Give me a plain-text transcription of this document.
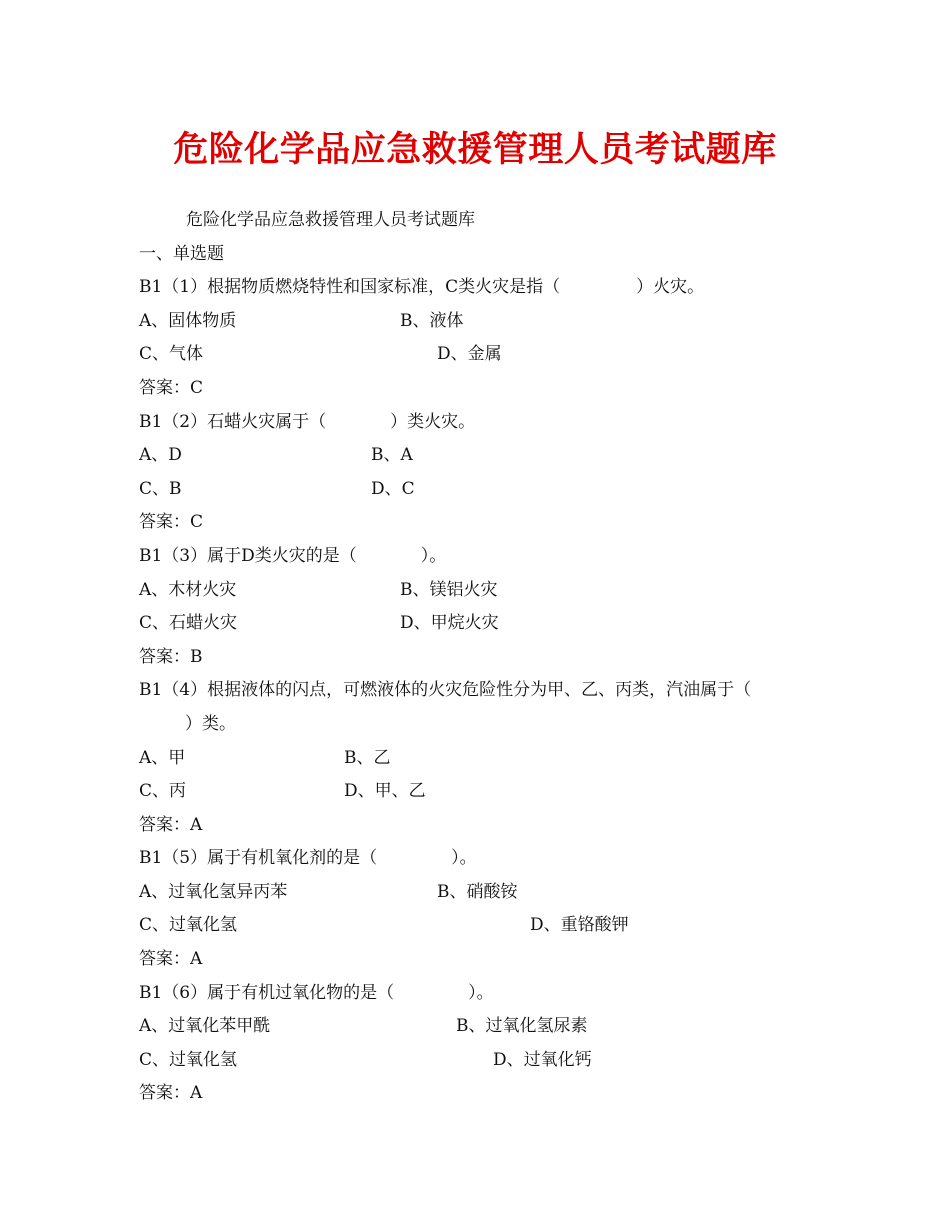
危险化学品应急救援管理人员考试题库
危险化学品应急救援管理人员考试题库
一、单选题
B1（1）根据物质燃烧特性和国家标准，C类火灾是指（	）火灾。
A、固体物质	B、液体
C、气体	D、金属
答案：C
B1（2）石蜡火灾属于（	）类火灾。
A、D	B、A
C、B	D、C
答案：C
B1（3）属于D类火灾的是（	）。
A、木材火灾	B、镁铝火灾
C、石蜡火灾	D、甲烷火灾
答案：B
B1（4）根据液体的闪点，可燃液体的火灾危险性分为甲、乙、丙类，汽油属于（
）类。
A、甲	B、乙
C、丙	D、甲、乙
答案：A
B1（5）属于有机氧化剂的是（	）。
A、过氧化氢异丙苯	B、硝酸铵
C、过氧化氢	D、重铬酸钾
答案：A
B1（6）属于有机过氧化物的是（	）。
A、过氧化苯甲酰	B、过氧化氢尿素
C、过氧化氢	D、过氧化钙
答案：A
